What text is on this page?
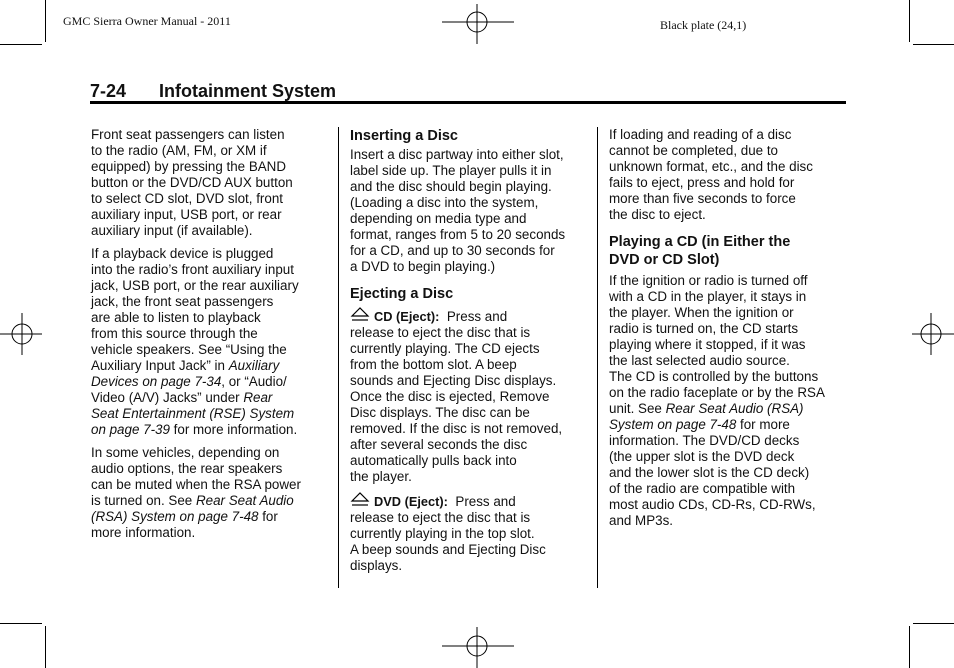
GMC Sierra Owner Manual - 2011	Black plate (24,1)
7-24 Infotainment System
Front seat passengers can listen
to the radio (AM, FM, or XM if
equipped) by pressing the BAND
button or the DVD/CD AUX button
to select CD slot, DVD slot, front
auxiliary input, USB port, or rear
auxiliary input (if available).
If a playback device is plugged
into the radio’s front auxiliary input
jack, USB port, or the rear auxiliary
jack, the front seat passengers
are able to listen to playback
from this source through the
vehicle speakers. See “Using the
Auxiliary Input Jack” in Auxiliary
Devices on page 7-34, or “Audio/
Video (A/V) Jacks” under Rear
Seat Entertainment (RSE) System
on page 7-39 for more information.
In some vehicles, depending on
audio options, the rear speakers
can be muted when the RSA power
is turned on. See Rear Seat Audio
(RSA) System on page 7-48 for
more information.
Inserting a Disc
Insert a disc partway into either slot,
label side up. The player pulls it in
and the disc should begin playing.
(Loading a disc into the system,
depending on media type and
format, ranges from 5 to 20 seconds
for a CD, and up to 30 seconds for
a DVD to begin playing.)
Ejecting a Disc
CD (Eject):  Press and
release to eject the disc that is
currently playing. The CD ejects
from the bottom slot. A beep
sounds and Ejecting Disc displays.
Once the disc is ejected, Remove
Disc displays. The disc can be
removed. If the disc is not removed,
after several seconds the disc
automatically pulls back into
the player.
DVD (Eject):  Press and
release to eject the disc that is
currently playing in the top slot.
A beep sounds and Ejecting Disc
displays.
If loading and reading of a disc
cannot be completed, due to
unknown format, etc., and the disc
fails to eject, press and hold for
more than five seconds to force
the disc to eject.
Playing a CD (in Either the
DVD or CD Slot)
If the ignition or radio is turned off
with a CD in the player, it stays in
the player. When the ignition or
radio is turned on, the CD starts
playing where it stopped, if it was
the last selected audio source.
The CD is controlled by the buttons
on the radio faceplate or by the RSA
unit. See Rear Seat Audio (RSA)
System on page 7-48 for more
information. The DVD/CD decks
(the upper slot is the DVD deck
and the lower slot is the CD deck)
of the radio are compatible with
most audio CDs, CD-Rs, CD-RWs,
and MP3s.
